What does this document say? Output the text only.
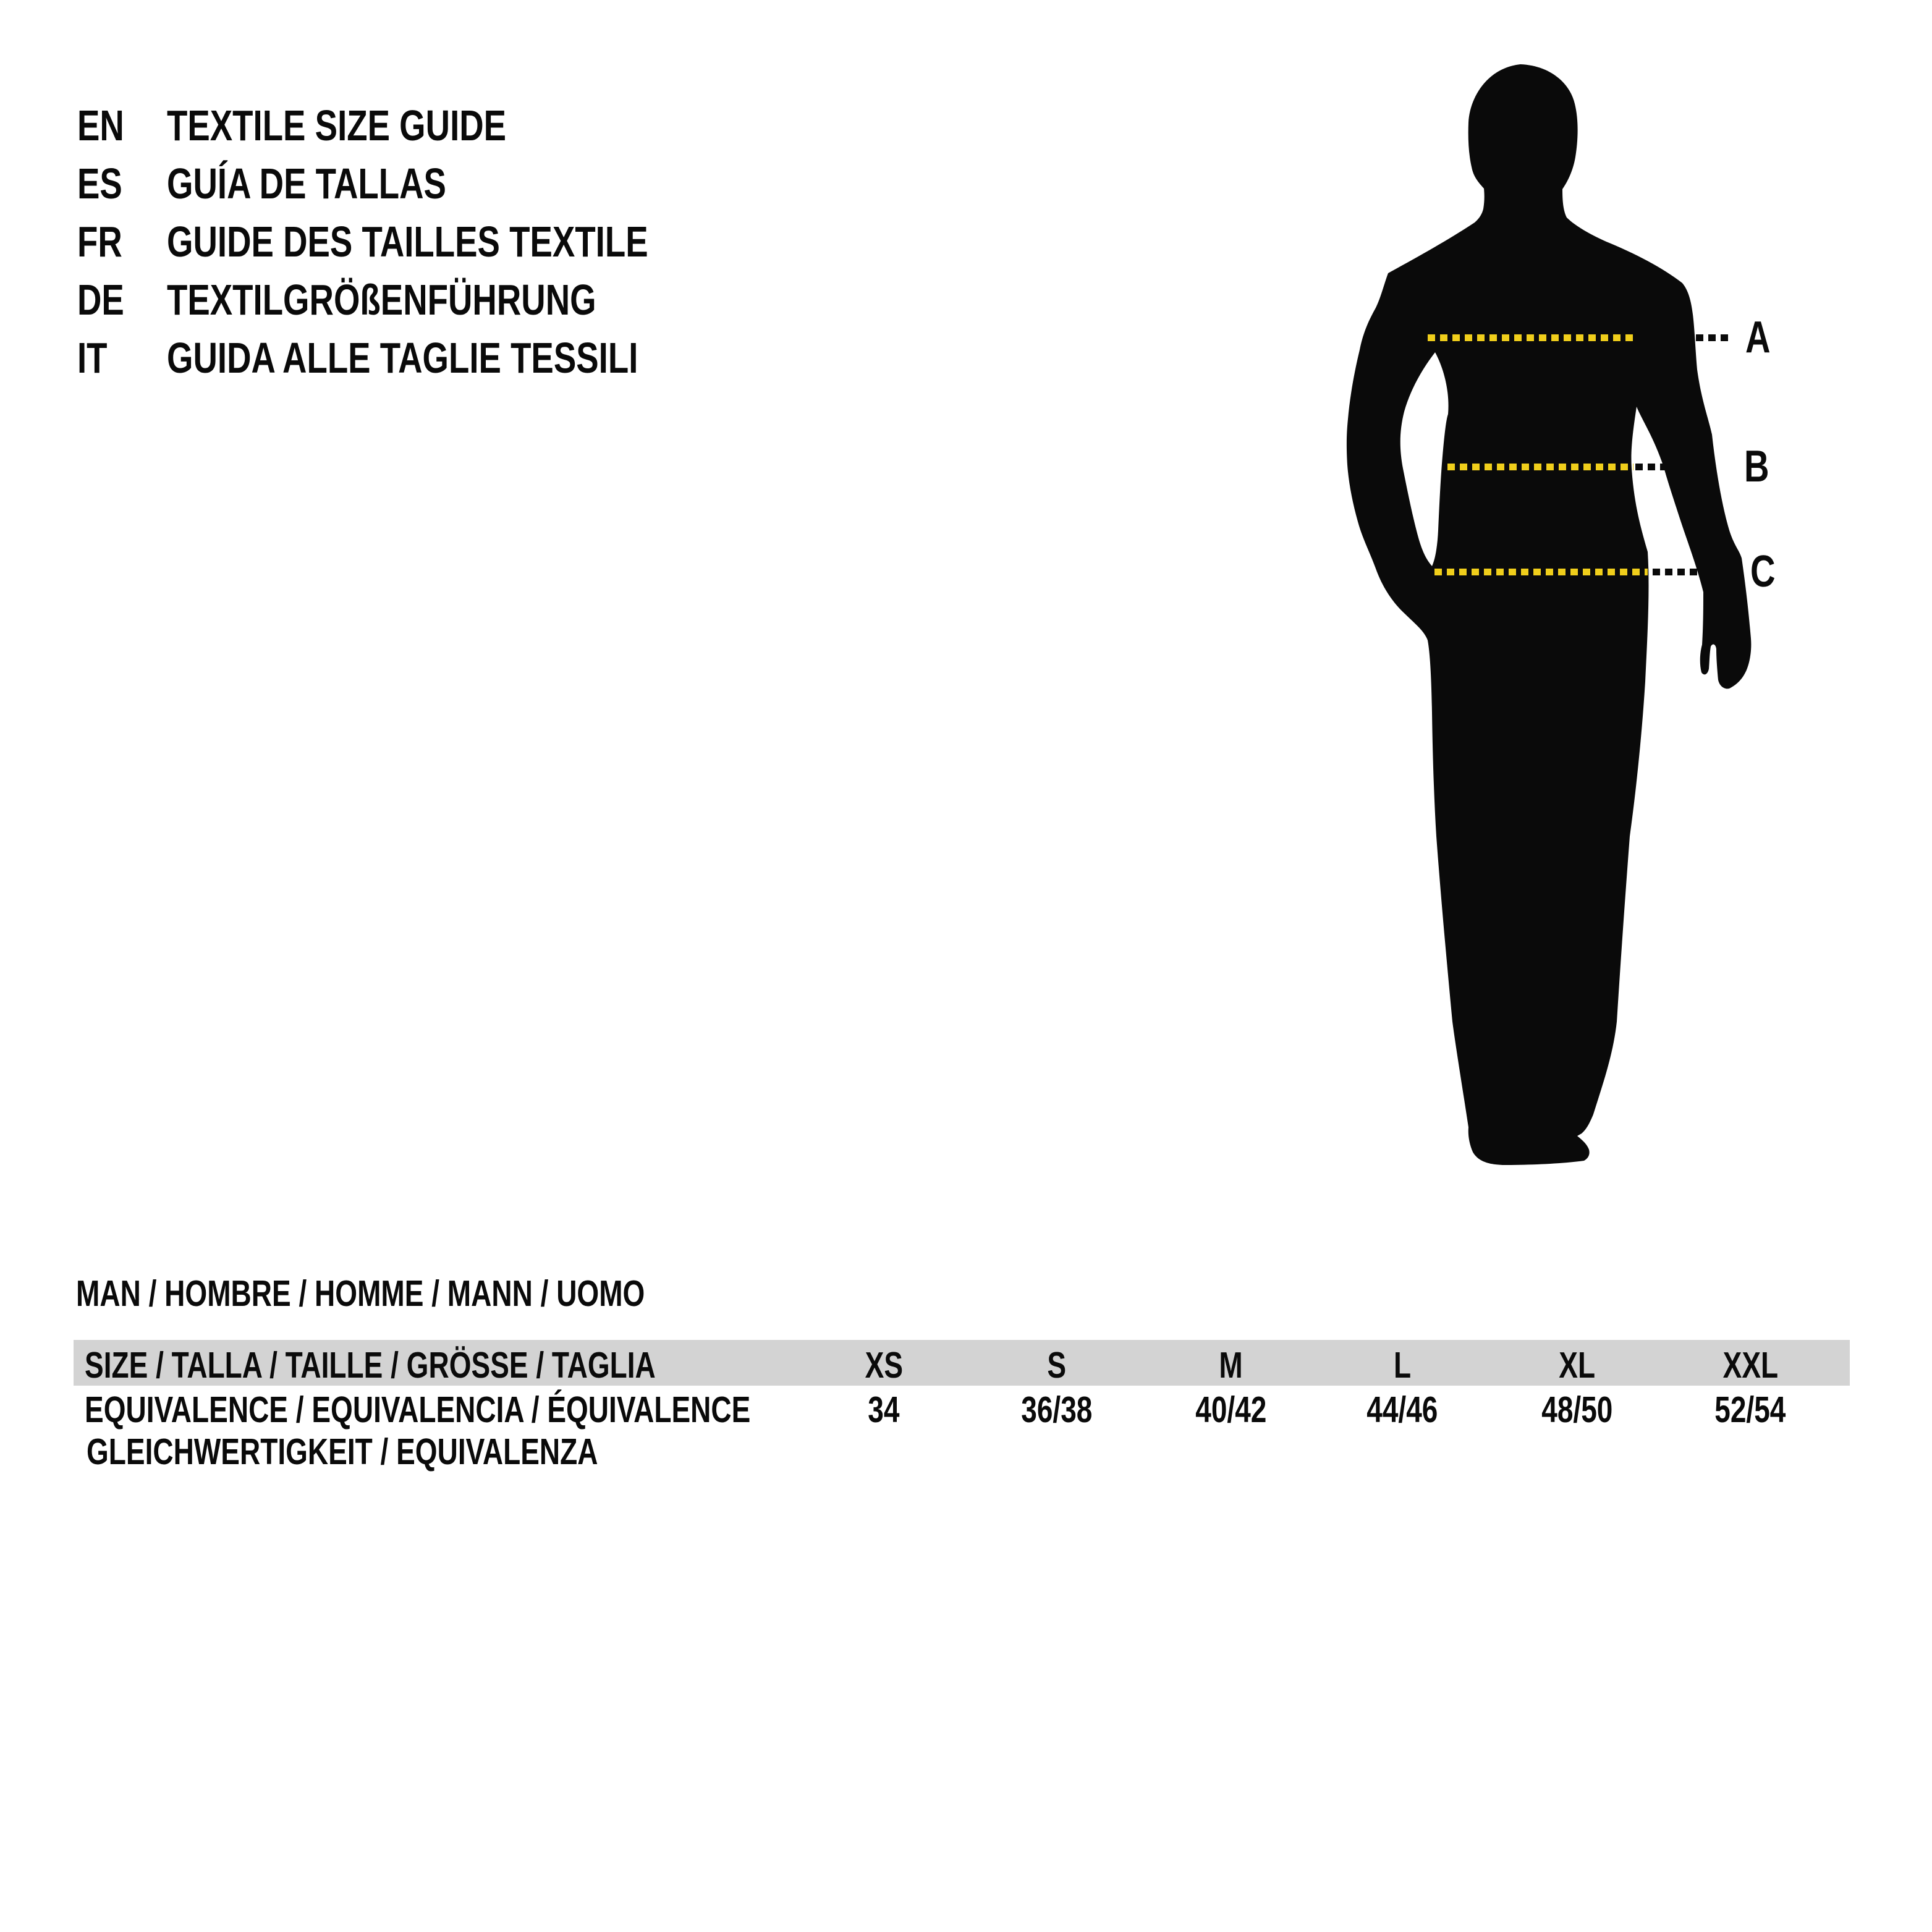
EN TEXTILE SIZE GUIDE
ES GUÍA DE TALLAS
FR GUIDE DES TAILLES TEXTILE
DE TEXTILGRÖßENFÜHRUNG
IT GUIDA ALLE TAGLIE TESSILI	A
B
C
MAN / HOMBRE / HOMME / MANN / UOMO
SIZE / TALLA / TAILLE / GRÖSSE / TAGLIA	XS	S	M	L	XL	XXL
EQUIVALENCE / EQUIVALENCIA / ÉQUIVALENCE	34	36/38	40/42	44/46	48/50	52/54
GLEICHWERTIGKEIT / EQUIVALENZA
